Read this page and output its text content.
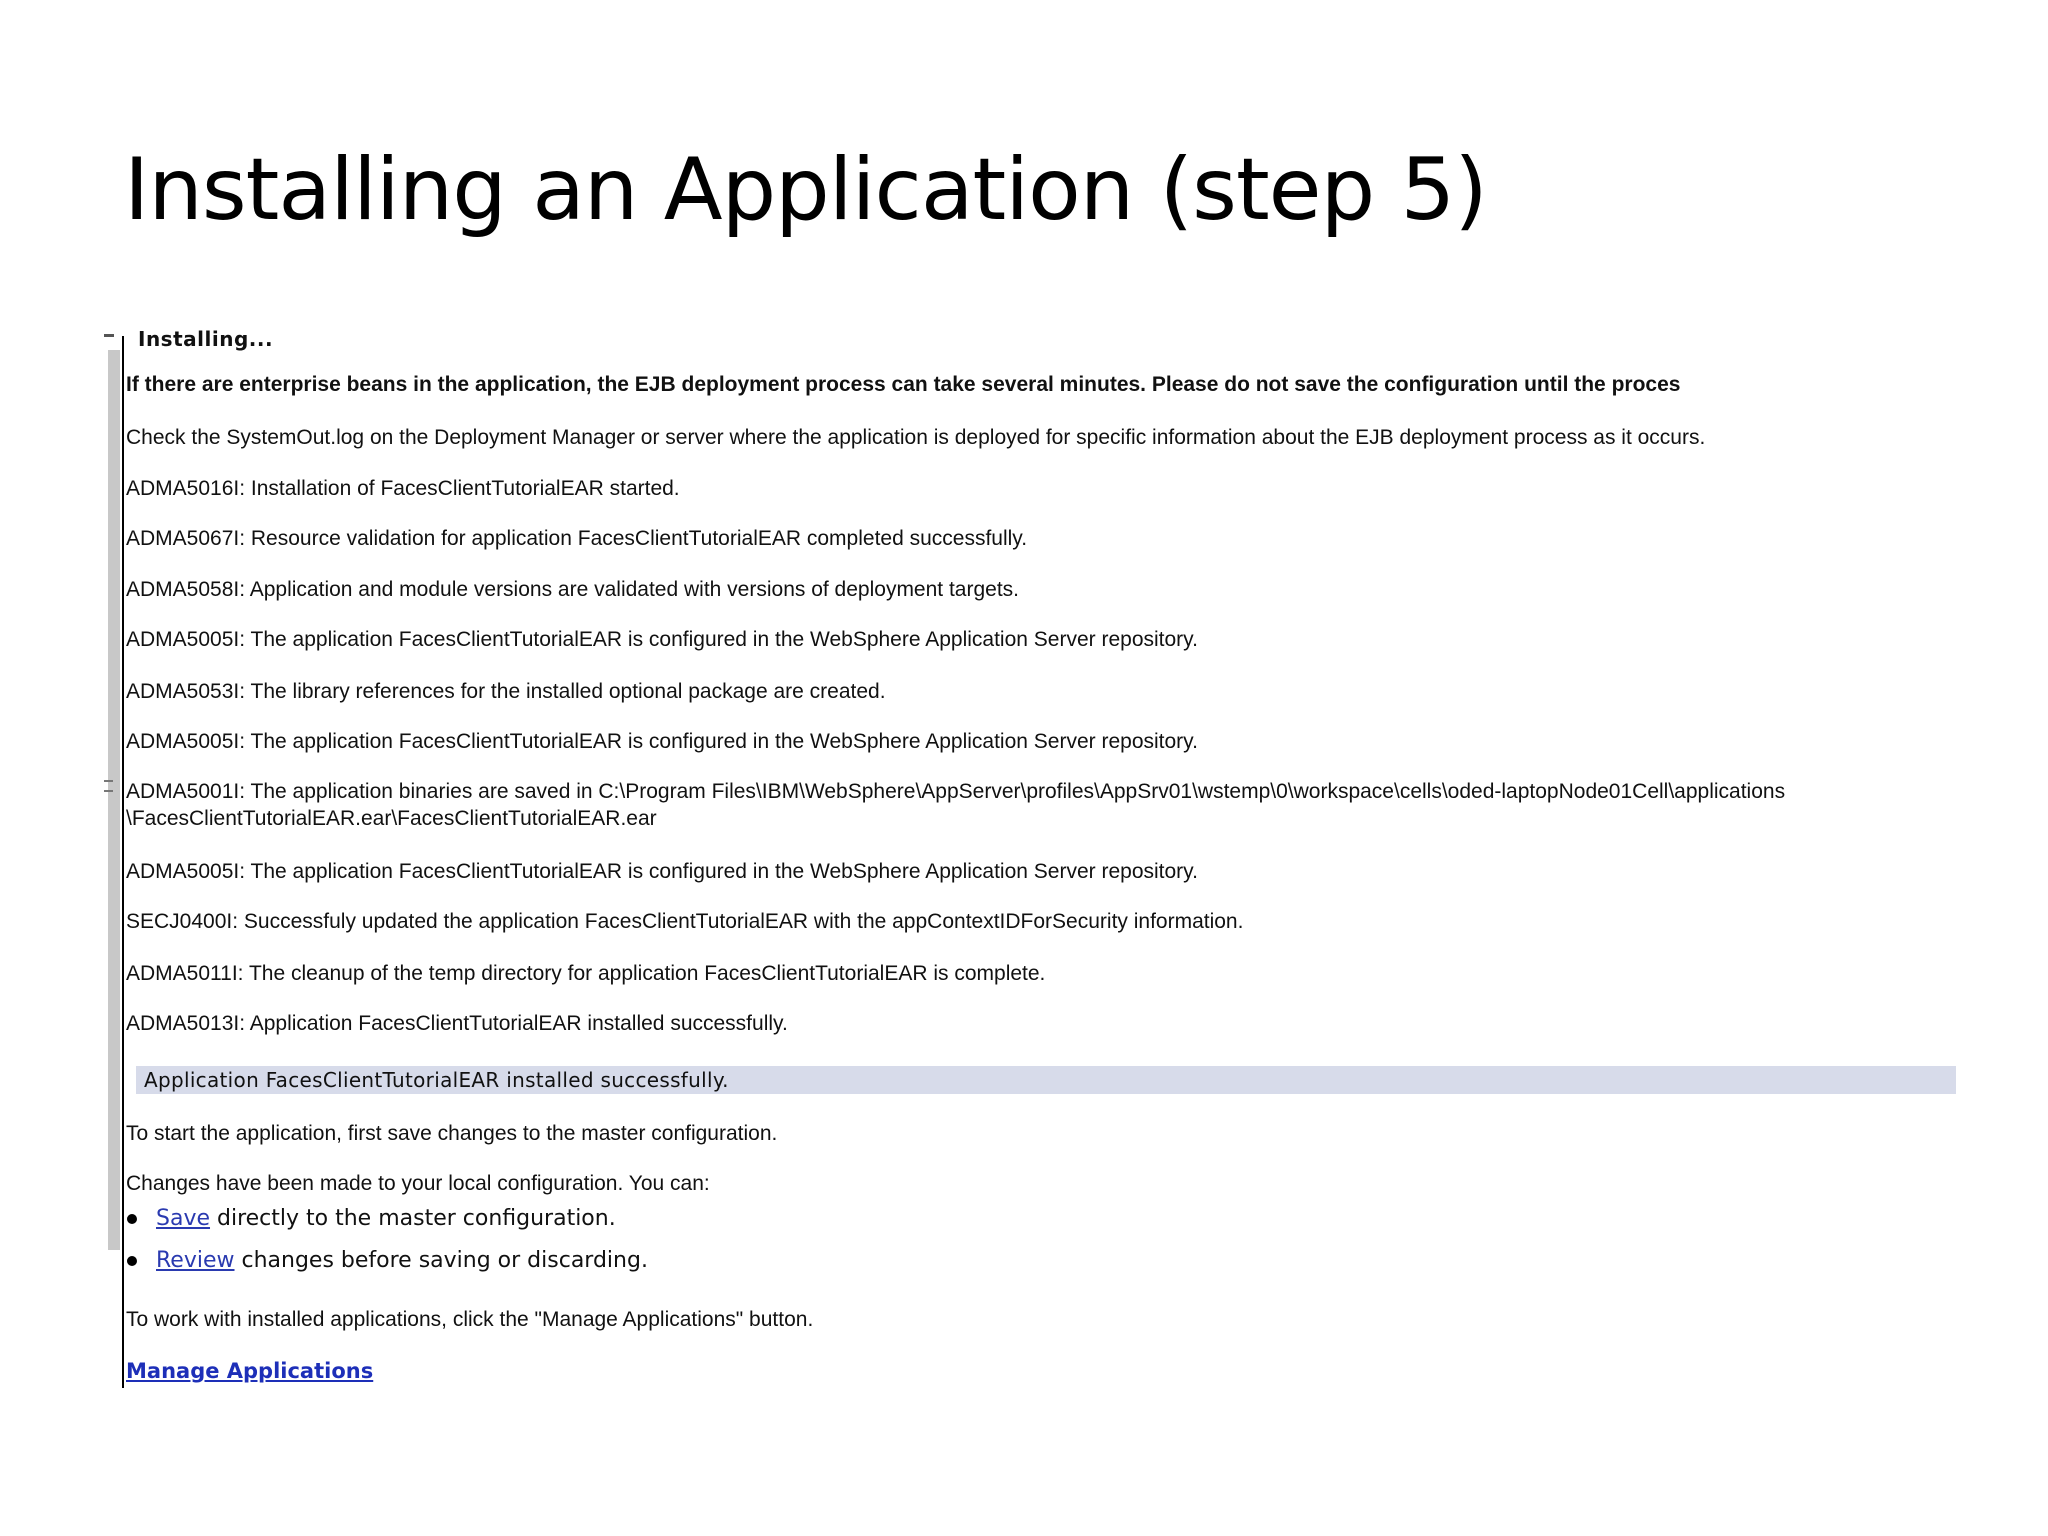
Installing an Application (step 5)
Installing...
If there are enterprise beans in the application, the EJB deployment process can take several minutes. Please do not save the configuration until the proces
Check the SystemOut.log on the Deployment Manager or server where the application is deployed for specific information about the EJB deployment process as it occurs.
ADMA5016I: Installation of FacesClientTutorialEAR started.
ADMA5067I: Resource validation for application FacesClientTutorialEAR completed successfully.
ADMA5058I: Application and module versions are validated with versions of deployment targets.
ADMA5005I: The application FacesClientTutorialEAR is configured in the WebSphere Application Server repository.
ADMA5053I: The library references for the installed optional package are created.
ADMA5005I: The application FacesClientTutorialEAR is configured in the WebSphere Application Server repository.
ADMA5001I: The application binaries are saved in C:\Program Files\IBM\WebSphere\AppServer\profiles\AppSrv01\wstemp\0\workspace\cells\oded-laptopNode01Cell\applications \FacesClientTutorialEAR.ear\FacesClientTutorialEAR.ear
ADMA5005I: The application FacesClientTutorialEAR is configured in the WebSphere Application Server repository.
SECJ0400I: Successfuly updated the application FacesClientTutorialEAR with the appContextIDForSecurity information.
ADMA5011I: The cleanup of the temp directory for application FacesClientTutorialEAR is complete.
ADMA5013I: Application FacesClientTutorialEAR installed successfully.
Application FacesClientTutorialEAR installed successfully.
To start the application, first save changes to the master configuration.
Changes have been made to your local configuration. You can:
Save directly to the master configuration.
Review changes before saving or discarding.
To work with installed applications, click the "Manage Applications" button.
Manage Applications
